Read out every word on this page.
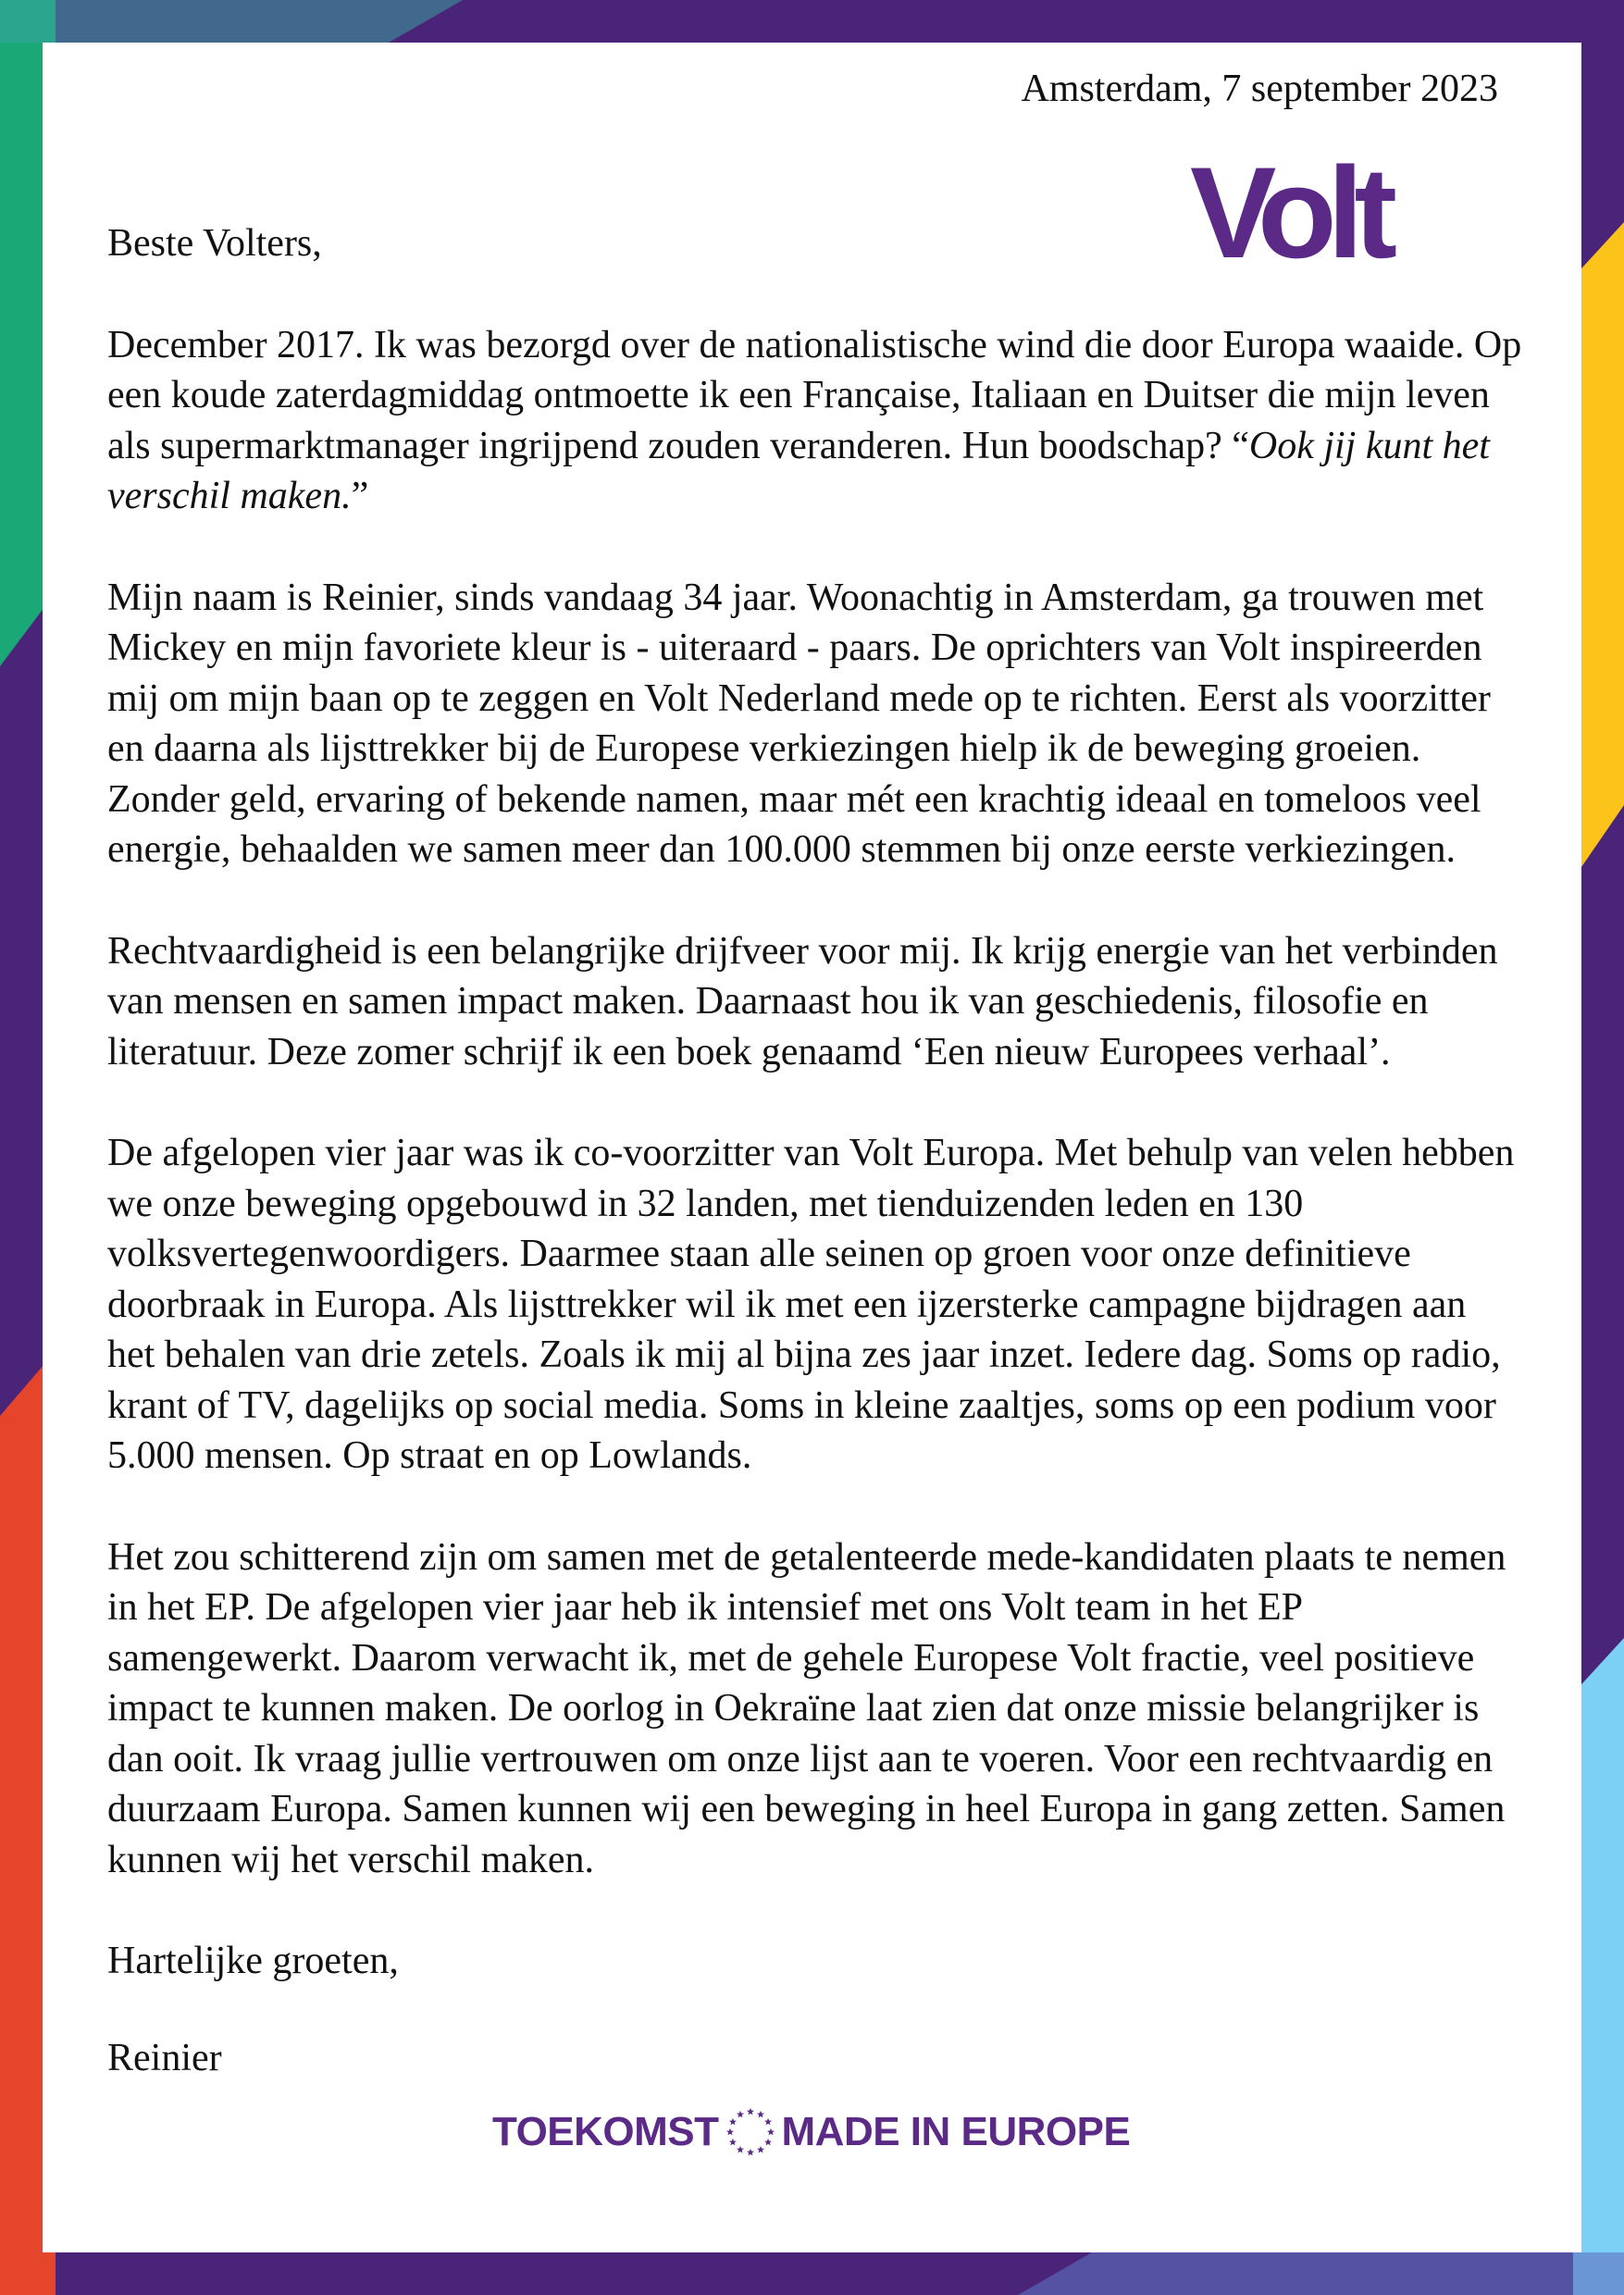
Amsterdam, 7 september 2023

Volt

Beste Volters,

December 2017. Ik was bezorgd over de nationalistische wind die door Europa waaide. Op een koude zaterdagmiddag ontmoette ik een Française, Italiaan en Duitser die mijn leven als supermarktmanager ingrijpend zouden veranderen. Hun boodschap? “Ook jij kunt het verschil maken.”

Mijn naam is Reinier, sinds vandaag 34 jaar. Woonachtig in Amsterdam, ga trouwen met Mickey en mijn favoriete kleur is - uiteraard - paars. De oprichters van Volt inspireerden mij om mijn baan op te zeggen en Volt Nederland mede op te richten. Eerst als voorzitter en daarna als lijsttrekker bij de Europese verkiezingen hielp ik de beweging groeien. Zonder geld, ervaring of bekende namen, maar mét een krachtig ideaal en tomeloos veel energie, behaalden we samen meer dan 100.000 stemmen bij onze eerste verkiezingen.

Rechtvaardigheid is een belangrijke drijfveer voor mij. Ik krijg energie van het verbinden van mensen en samen impact maken. Daarnaast hou ik van geschiedenis, filosofie en literatuur. Deze zomer schrijf ik een boek genaamd ‘Een nieuw Europees verhaal’.

De afgelopen vier jaar was ik co-voorzitter van Volt Europa. Met behulp van velen hebben we onze beweging opgebouwd in 32 landen, met tienduizenden leden en 130 volksvertegenwoordigers. Daarmee staan alle seinen op groen voor onze definitieve doorbraak in Europa. Als lijsttrekker wil ik met een ijzersterke campagne bijdragen aan het behalen van drie zetels. Zoals ik mij al bijna zes jaar inzet. Iedere dag. Soms op radio, krant of TV, dagelijks op social media. Soms in kleine zaaltjes, soms op een podium voor 5.000 mensen. Op straat en op Lowlands.

Het zou schitterend zijn om samen met de getalenteerde mede-kandidaten plaats te nemen in het EP. De afgelopen vier jaar heb ik intensief met ons Volt team in het EP samengewerkt. Daarom verwacht ik, met de gehele Europese Volt fractie, veel positieve impact te kunnen maken. De oorlog in Oekraïne laat zien dat onze missie belangrijker is dan ooit. Ik vraag jullie vertrouwen om onze lijst aan te voeren. Voor een rechtvaardig en duurzaam Europa. Samen kunnen wij een beweging in heel Europa in gang zetten. Samen kunnen wij het verschil maken.

Hartelijke groeten,

Reinier

TOEKOMST MADE IN EUROPE
